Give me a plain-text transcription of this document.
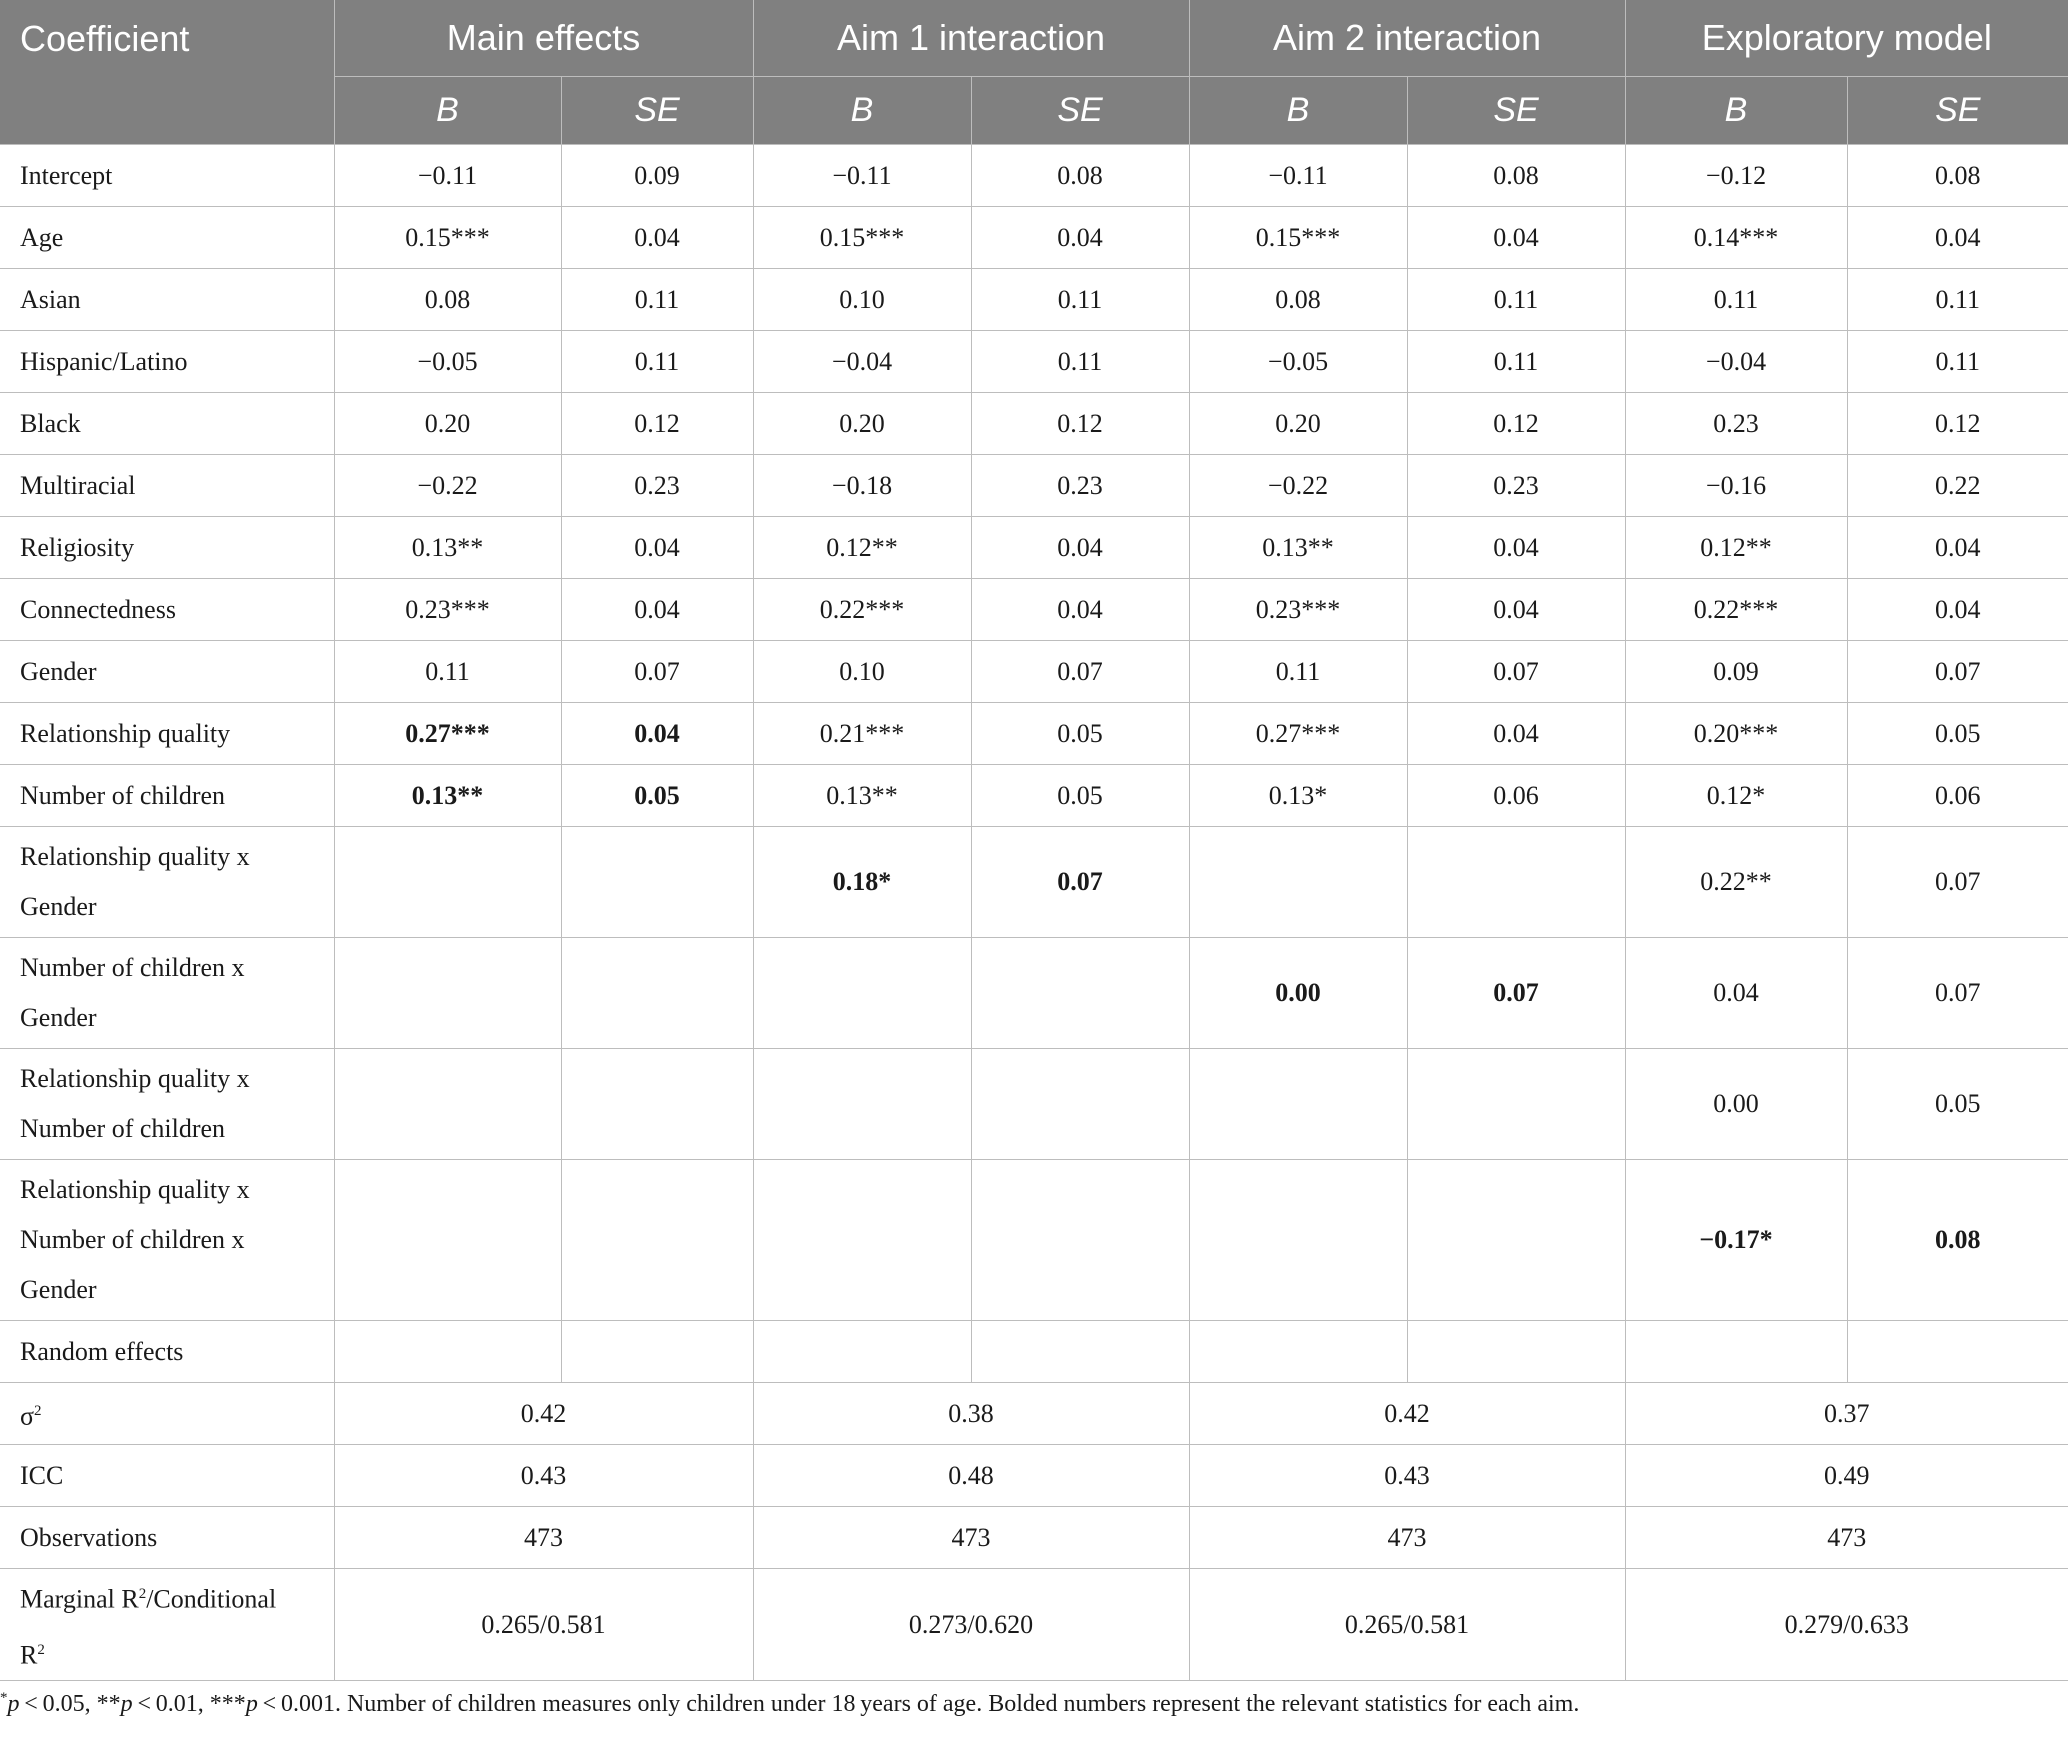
Coefficient	Main effects		Aim 1 interaction		Aim 2 interaction		Exploratory model	
	B	SE	B	SE	B	SE	B	SE
Intercept	−0.11	0.09	−0.11	0.08	−0.11	0.08	−0.12	0.08
Age	0.15***	0.04	0.15***	0.04	0.15***	0.04	0.14***	0.04
Asian	0.08	0.11	0.10	0.11	0.08	0.11	0.11	0.11
Hispanic/Latino	−0.05	0.11	−0.04	0.11	−0.05	0.11	−0.04	0.11
Black	0.20	0.12	0.20	0.12	0.20	0.12	0.23	0.12
Multiracial	−0.22	0.23	−0.18	0.23	−0.22	0.23	−0.16	0.22
Religiosity	0.13**	0.04	0.12**	0.04	0.13**	0.04	0.12**	0.04
Connectedness	0.23***	0.04	0.22***	0.04	0.23***	0.04	0.22***	0.04
Gender	0.11	0.07	0.10	0.07	0.11	0.07	0.09	0.07
Relationship quality	0.27***	0.04	0.21***	0.05	0.27***	0.04	0.20***	0.05
Number of children	0.13**	0.05	0.13**	0.05	0.13*	0.06	0.12*	0.06
Relationship quality x
Gender			0.18*	0.07			0.22**	0.07
Number of children x
Gender					0.00	0.07	0.04	0.07
Relationship quality x
Number of children							0.00	0.05
Relationship quality x
Number of children x
Gender							−0.17*	0.08
Random effects								
$\sigma^2$	0.42		0.38		0.42		0.37	
ICC	0.43		0.48		0.43		0.49	
Observations	473		473		473		473	
Marginal $R^2$/Conditional
$R^2$	0.265/0.581		0.273/0.620		0.265/0.581		0.279/0.633	
*p < 0.05, **p < 0.01, ***p < 0.001. Number of children measures only children under 18 years of age. Bolded numbers represent the relevant statistics for each aim.
